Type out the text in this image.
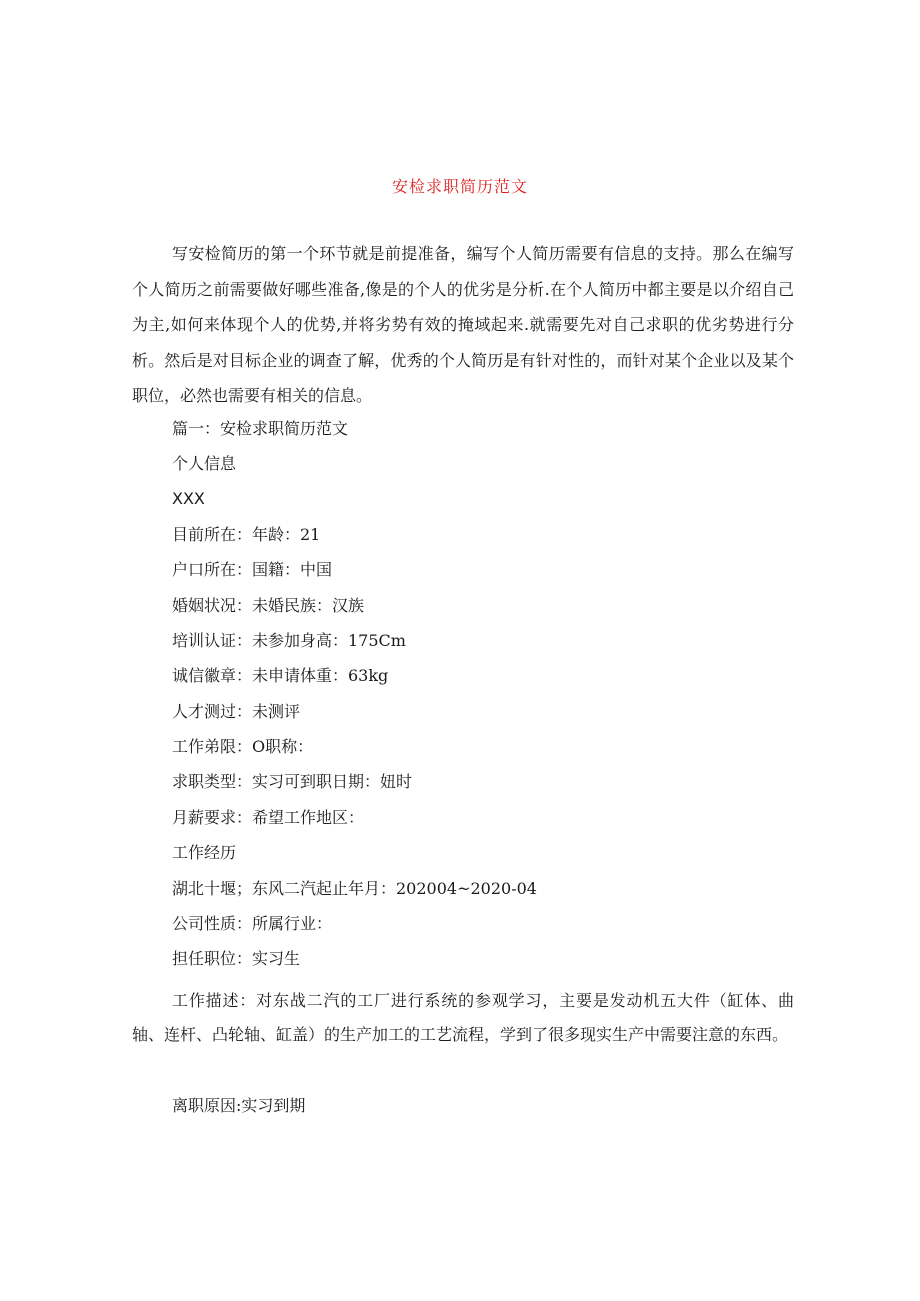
安检求职简历范文

写安检简历的第一个环节就是前提准备，编写个人简历需要有信息的支持。那么在编写个人简历之前需要做好哪些准备,像是的个人的优劣是分析.在个人简历中都主要是以介绍自己为主,如何来体现个人的优势,并将劣势有效的掩域起来.就需要先对自己求职的优劣势进行分析。然后是对目标企业的调查了解，优秀的个人简历是有针对性的，而针对某个企业以及某个职位，必然也需要有相关的信息。

篇一：安检求职简历范文

个人信息

XXX

目前所在：年龄：21

户口所在：国籍：中国

婚姻状况：未婚民族：汉族

培训认证：未参加身高：175Cm

诚信徽章：未申请体重：63kg

人才测过：未测评

工作弟限：O职称：

求职类型：实习可到职日期：妞时

月薪要求：希望工作地区：

工作经历

湖北十堰；东风二汽起止年月：202004~2020-04

公司性质：所属行业：

担任职位：实习生

工作描述：对东战二汽的工厂进行系统的参观学习，主要是发动机五大件（缸体、曲轴、连杆、凸轮轴、缸盖）的生产加工的工艺流程，学到了很多现实生产中需要注意的东西。

离职原因:实习到期
